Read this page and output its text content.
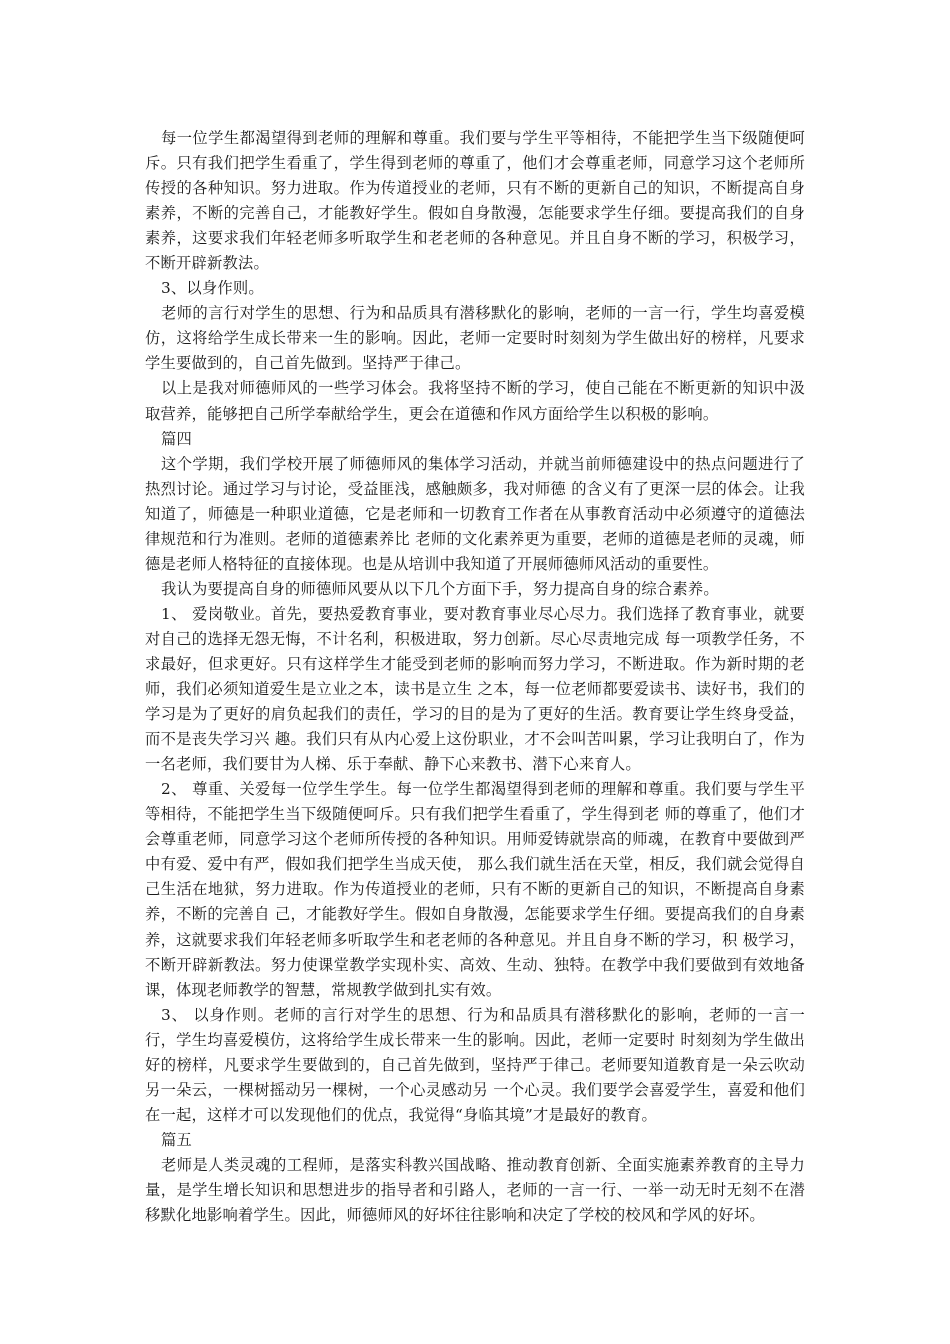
每一位学生都渴望得到老师的理解和尊重。我们要与学生平等相待，不能把学生当下级随便呵斥。只有我们把学生看重了，学生得到老师的尊重了，他们才会尊重老师，同意学习这个老师所传授的各种知识。努力进取。作为传道授业的老师，只有不断的更新自己的知识，不断提高自身素养，不断的完善自己，才能教好学生。假如自身散漫，怎能要求学生仔细。要提高我们的自身素养，这要求我们年轻老师多听取学生和老老师的各种意见。并且自身不断的学习，积极学习，不断开辟新教法。

3、以身作则。

老师的言行对学生的思想、行为和品质具有潜移默化的影响，老师的一言一行，学生均喜爱模仿，这将给学生成长带来一生的影响。因此，老师一定要时时刻刻为学生做出好的榜样，凡要求学生要做到的，自己首先做到。坚持严于律己。

以上是我对师德师风的一些学习体会。我将坚持不断的学习，使自己能在不断更新的知识中汲取营养，能够把自己所学奉献给学生，更会在道德和作风方面给学生以积极的影响。

篇四

这个学期，我们学校开展了师德师风的集体学习活动，并就当前师德建设中的热点问题进行了热烈讨论。通过学习与讨论，受益匪浅，感触颇多，我对师德 的含义有了更深一层的体会。让我知道了，师德是一种职业道德，它是老师和一切教育工作者在从事教育活动中必须遵守的道德法律规范和行为准则。老师的道德素养比 老师的文化素养更为重要，老师的道德是老师的灵魂，师德是老师人格特征的直接体现。也是从培训中我知道了开展师德师风活动的重要性。

我认为要提高自身的师德师风要从以下几个方面下手，努力提高自身的综合素养。

1、 爱岗敬业。首先，要热爱教育事业，要对教育事业尽心尽力。我们选择了教育事业，就要对自己的选择无怨无悔，不计名利，积极进取，努力创新。尽心尽责地完成 每一项教学任务，不求最好，但求更好。只有这样学生才能受到老师的影响而努力学习，不断进取。作为新时期的老师，我们必须知道爱生是立业之本，读书是立生 之本，每一位老师都要爱读书、读好书，我们的学习是为了更好的肩负起我们的责任，学习的目的是为了更好的生活。教育要让学生终身受益，而不是丧失学习兴 趣。我们只有从内心爱上这份职业，才不会叫苦叫累，学习让我明白了，作为一名老师，我们要甘为人梯、乐于奉献、静下心来教书、潜下心来育人。

2、 尊重、关爱每一位学生学生。每一位学生都渴望得到老师的理解和尊重。我们要与学生平等相待，不能把学生当下级随便呵斥。只有我们把学生看重了，学生得到老 师的尊重了，他们才会尊重老师，同意学习这个老师所传授的各种知识。用师爱铸就崇高的师魂，在教育中要做到严中有爱、爱中有严，假如我们把学生当成天使， 那么我们就生活在天堂，相反，我们就会觉得自己生活在地狱，努力进取。作为传道授业的老师，只有不断的更新自己的知识，不断提高自身素养，不断的完善自 己，才能教好学生。假如自身散漫，怎能要求学生仔细。要提高我们的自身素养，这就要求我们年轻老师多听取学生和老老师的各种意见。并且自身不断的学习，积 极学习，不断开辟新教法。努力使课堂教学实现朴实、高效、生动、独特。在教学中我们要做到有效地备课，体现老师教学的智慧，常规教学做到扎实有效。

3、 以身作则。老师的言行对学生的思想、行为和品质具有潜移默化的影响，老师的一言一行，学生均喜爱模仿，这将给学生成长带来一生的影响。因此，老师一定要时 时刻刻为学生做出好的榜样，凡要求学生要做到的，自己首先做到，坚持严于律己。老师要知道教育是一朵云吹动另一朵云，一棵树摇动另一棵树，一个心灵感动另 一个心灵。我们要学会喜爱学生，喜爱和他们在一起，这样才可以发现他们的优点，我觉得“身临其境”才是最好的教育。

篇五

老师是人类灵魂的工程师，是落实科教兴国战略、推动教育创新、全面实施素养教育的主导力量，是学生增长知识和思想进步的指导者和引路人，老师的一言一行、一举一动无时无刻不在潜移默化地影响着学生。因此，师德师风的好坏往往影响和决定了学校的校风和学风的好坏。
